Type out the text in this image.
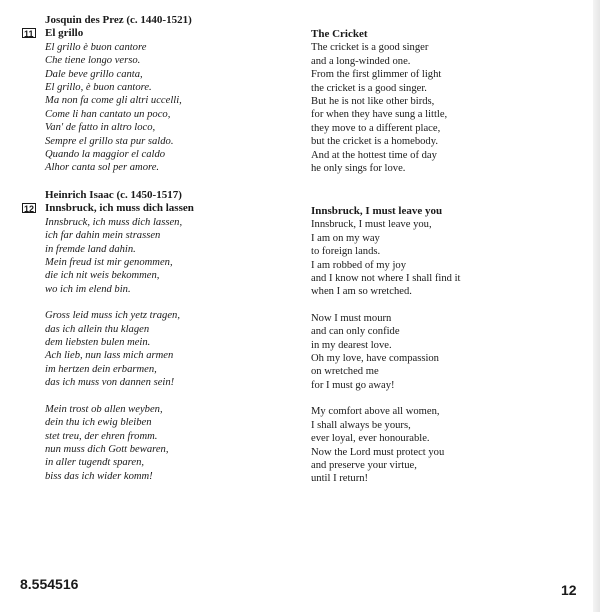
Josquin des Prez (c. 1440-1521)
11 El grillo
El grillo è buon cantore
Che tiene longo verso.
Dale beve grillo canta,
El grillo, è buon cantore.
Ma non fa come gli altri uccelli,
Come li han cantato un poco,
Van' de fatto in altro loco,
Sempre el grillo sta pur saldo.
Quando la maggior el caldo
Alhor canta sol per amore.
Heinrich Isaac (c. 1450-1517)
12 Innsbruck, ich muss dich lassen
Innsbruck, ich muss dich lassen,
ich far dahin mein strassen
in fremde land dahin.
Mein freud ist mir genommen,
die ich nit weis bekommen,
wo ich im elend bin.
Gross leid muss ich yetz tragen,
das ich allein thu klagen
dem liebsten bulen mein.
Ach lieb, nun lass mich armen
im hertzen dein erbarmen,
das ich muss von dannen sein!
Mein trost ob allen weyben,
dein thu ich ewig bleiben
stet treu, der ehren fromm.
nun muss dich Gott bewaren,
in aller tugendt sparen,
biss das ich wider komm!
The Cricket
The cricket is a good singer
and a long-winded one.
From the first glimmer of light
the cricket is a good singer.
But he is not like other birds,
for when they have sung a little,
they move to a different place,
but the cricket is a homebody.
And at the hottest time of day
he only sings for love.
Innsbruck, I must leave you
Innsbruck, I must leave you,
I am on my way
to foreign lands.
I am robbed of my joy
and I know not where I shall find it
when I am so wretched.
Now I must mourn
and can only confide
in my dearest love.
Oh my love, have compassion
on wretched me
for I must go away!
My comfort above all women,
I shall always be yours,
ever loyal, ever honourable.
Now the Lord must protect you
and preserve your virtue,
until I return!
8.554516	12
